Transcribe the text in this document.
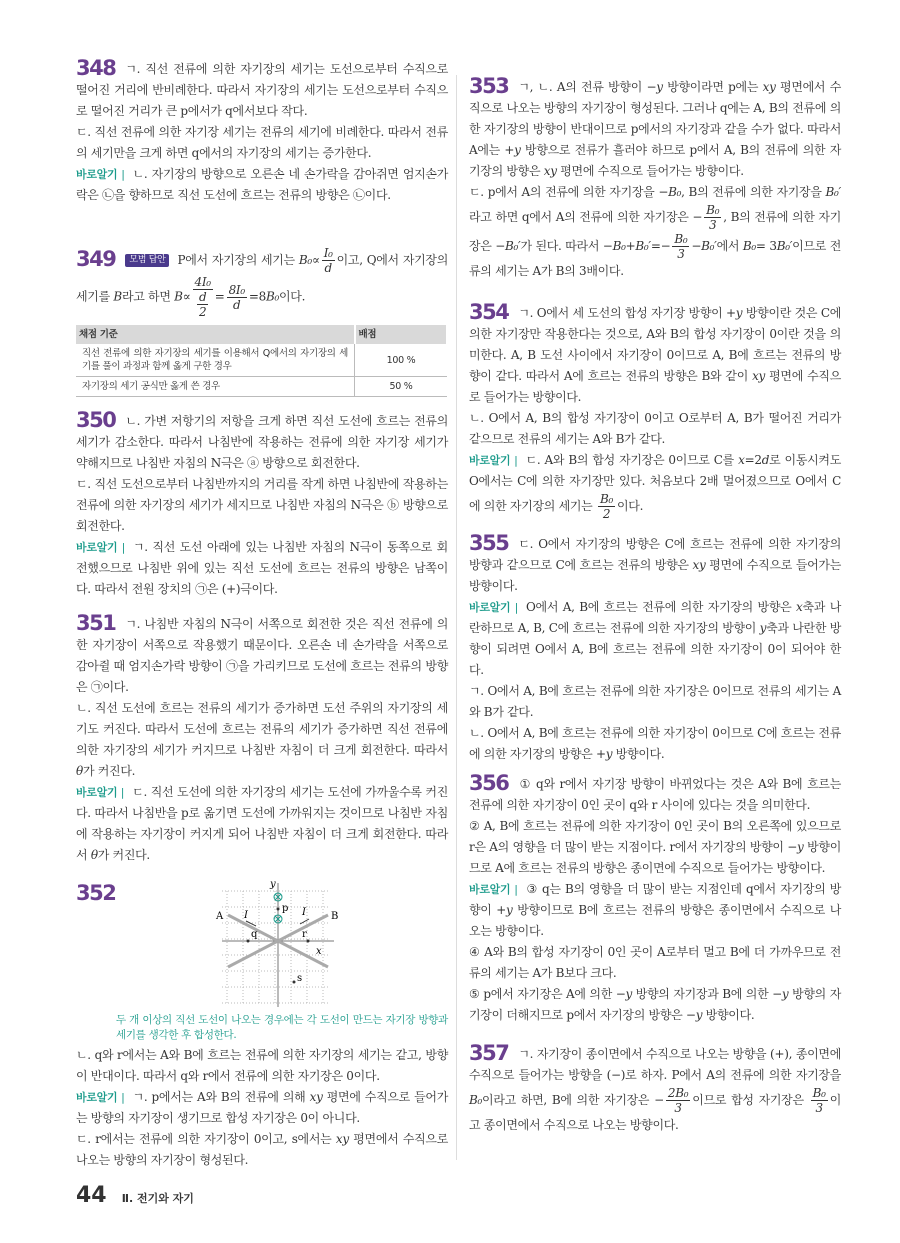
348 ㄱ. 직선 전류에 의한 자기장의 세기는 도선으로부터 수직으로 떨어진 거리에 반비례한다. 따라서 자기장의 세기는 도선으로부터 수직으로 떨어진 거리가 큰 p에서가 q에서보다 작다.

ㄷ. 직선 전류에 의한 자기장 세기는 전류의 세기에 비례한다. 따라서 전류의 세기만을 크게 하면 q에서의 자기장의 세기는 증가한다.

바로알기 | ㄴ. 자기장의 방향으로 오른손 네 손가락을 감아쥐면 엄지손가락은 ㉡을 향하므로 직선 도선에 흐르는 전류의 방향은 ㉡이다.

349 모범 답안 P에서 자기장의 세기는 $B_0\propto \frac{\text{I₀}}{d}$ 이고, Q에서 자기장의 세기를 B라고 하면 $B\propto \frac{\text{4I₀}}{\frac{d}{2}} = \frac{\text{8I₀}}{d} =8B_0$이다.

채점 기준	배점
직선 전류에 의한 자기장의 세기를 이용해서 Q에서의 자기장의 세기를 풀이 과정과 함께 옳게 구한 경우	100 %
자기장의 세기 공식만 옳게 쓴 경우	50 %

350 ㄴ. 가변 저항기의 저항을 크게 하면 직선 도선에 흐르는 전류의 세기가 감소한다. 따라서 나침반에 작용하는 전류에 의한 자기장 세기가 약해지므로 나침반 자침의 N극은 ⓐ 방향으로 회전한다.

ㄷ. 직선 도선으로부터 나침반까지의 거리를 작게 하면 나침반에 작용하는 전류에 의한 자기장의 세기가 세지므로 나침반 자침의 N극은 ⓑ 방향으로 회전한다.

바로알기 | ㄱ. 직선 도선 아래에 있는 나침반 자침의 N극이 동쪽으로 회전했으므로 나침반 위에 있는 직선 도선에 흐르는 전류의 방향은 남쪽이다. 따라서 전원 장치의 ㉠은 (+)극이다.

351 ㄱ. 나침반 자침의 N극이 서쪽으로 회전한 것은 직선 전류에 의한 자기장이 서쪽으로 작용했기 때문이다. 오른손 네 손가락을 서쪽으로 감아쥘 때 엄지손가락 방향이 ㉠을 가리키므로 도선에 흐르는 전류의 방향은 ㉠이다.

ㄴ. 직선 도선에 흐르는 전류의 세기가 증가하면 도선 주위의 자기장의 세기도 커진다. 따라서 도선에 흐르는 전류의 세기가 증가하면 직선 전류에 의한 자기장의 세기가 커지므로 나침반 자침이 더 크게 회전한다. 따라서 θ가 커진다.

바로알기 | ㄷ. 직선 도선에 의한 자기장의 세기는 도선에 가까울수록 커진다. 따라서 나침반을 p로 옮기면 도선에 가까워지는 것이므로 나침반 자침에 작용하는 자기장이 커지게 되어 나침반 자침이 더 크게 회전한다. 따라서 θ가 커진다.

352	y
x
A	B
I	I
p
q	r
s
두 개 이상의 직선 도선이 나오는 경우에는 각 도선이 만드는 자기장 방향과 세기를 생각한 후 합성한다.

ㄴ. q와 r에서는 A와 B에 흐르는 전류에 의한 자기장의 세기는 같고, 방향이 반대이다. 따라서 q와 r에서 전류에 의한 자기장은 0이다.

바로알기 | ㄱ. p에서는 A와 B의 전류에 의해 xy 평면에 수직으로 들어가는 방향의 자기장이 생기므로 합성 자기장은 0이 아니다.

ㄷ. r에서는 전류에 의한 자기장이 0이고, s에서는 xy 평면에서 수직으로 나오는 방향의 자기장이 형성된다.

353 ㄱ, ㄴ. A의 전류 방향이 −y 방향이라면 p에는 xy 평면에서 수직으로 나오는 방향의 자기장이 형성된다. 그러나 q에는 A, B의 전류에 의한 자기장의 방향이 반대이므로 p에서의 자기장과 같을 수가 없다. 따라서 A에는 +y 방향으로 전류가 흘러야 하므로 p에서 A, B의 전류에 의한 자기장의 방향은 xy 평면에 수직으로 들어가는 방향이다.

ㄷ. p에서 A의 전류에 의한 자기장을 −B₀, B의 전류에 의한 자기장을 B₀′라고 하면 q에서 A의 전류에 의한 자기장은 − $\frac{\text{B₀}}{3}$ , B의 전류에 의한 자기장은 −B₀′가 된다. 따라서 $-B_0+B_0'=- \frac{\text{B₀}}{3} -B_0'$에서 B₀= 3B₀′이므로 전류의 세기는 A가 B의 3배이다.

354 ㄱ. O에서 세 도선의 합성 자기장 방향이 +y 방향이란 것은 C에 의한 자기장만 작용한다는 것으로, A와 B의 합성 자기장이 0이란 것을 의미한다. A, B 도선 사이에서 자기장이 0이므로 A, B에 흐르는 전류의 방향이 같다. 따라서 A에 흐르는 전류의 방향은 B와 같이 xy 평면에 수직으로 들어가는 방향이다.

ㄴ. O에서 A, B의 합성 자기장이 0이고 O로부터 A, B가 떨어진 거리가 같으므로 전류의 세기는 A와 B가 같다.

바로알기 | ㄷ. A와 B의 합성 자기장은 0이므로 C를 x=2d로 이동시켜도 O에서는 C에 의한 자기장만 있다. 처음보다 2배 멀어졌으므로 O에서 C에 의한 자기장의 세기는 $\frac{\text{B₀}}{2}$ 이다.

355 ㄷ. O에서 자기장의 방향은 C에 흐르는 전류에 의한 자기장의 방향과 같으므로 C에 흐르는 전류의 방향은 xy 평면에 수직으로 들어가는 방향이다.

바로알기 | O에서 A, B에 흐르는 전류에 의한 자기장의 방향은 x축과 나란하므로 A, B, C에 흐르는 전류에 의한 자기장의 방향이 y축과 나란한 방향이 되려면 O에서 A, B에 흐르는 전류에 의한 자기장이 0이 되어야 한다.

ㄱ. O에서 A, B에 흐르는 전류에 의한 자기장은 0이므로 전류의 세기는 A와 B가 같다.

ㄴ. O에서 A, B에 흐르는 전류에 의한 자기장이 0이므로 C에 흐르는 전류에 의한 자기장의 방향은 +y 방향이다.

356 ① q와 r에서 자기장 방향이 바뀌었다는 것은 A와 B에 흐르는 전류에 의한 자기장이 0인 곳이 q와 r 사이에 있다는 것을 의미한다.

② A, B에 흐르는 전류에 의한 자기장이 0인 곳이 B의 오른쪽에 있으므로 r은 A의 영향을 더 많이 받는 지점이다. r에서 자기장의 방향이 −y 방향이므로 A에 흐르는 전류의 방향은 종이면에 수직으로 들어가는 방향이다.

바로알기 | ③ q는 B의 영향을 더 많이 받는 지점인데 q에서 자기장의 방향이 +y 방향이므로 B에 흐르는 전류의 방향은 종이면에서 수직으로 나오는 방향이다.

④ A와 B의 합성 자기장이 0인 곳이 A로부터 멀고 B에 더 가까우므로 전류의 세기는 A가 B보다 크다.

⑤ p에서 자기장은 A에 의한 −y 방향의 자기장과 B에 의한 −y 방향의 자기장이 더해지므로 p에서 자기장의 방향은 −y 방향이다.

357 ㄱ. 자기장이 종이면에서 수직으로 나오는 방향을 (+), 종이면에 수직으로 들어가는 방향을 (−)로 하자. P에서 A의 전류에 의한 자기장을 B₀이라고 하면, B에 의한 자기장은 − $\frac{\text{2B₀}}{3}$ 이므로 합성 자기장은 $\frac{\text{B₀}}{3}$ 이고 종이면에서 수직으로 나오는 방향이다.

44 Ⅱ. 전기와 자기
